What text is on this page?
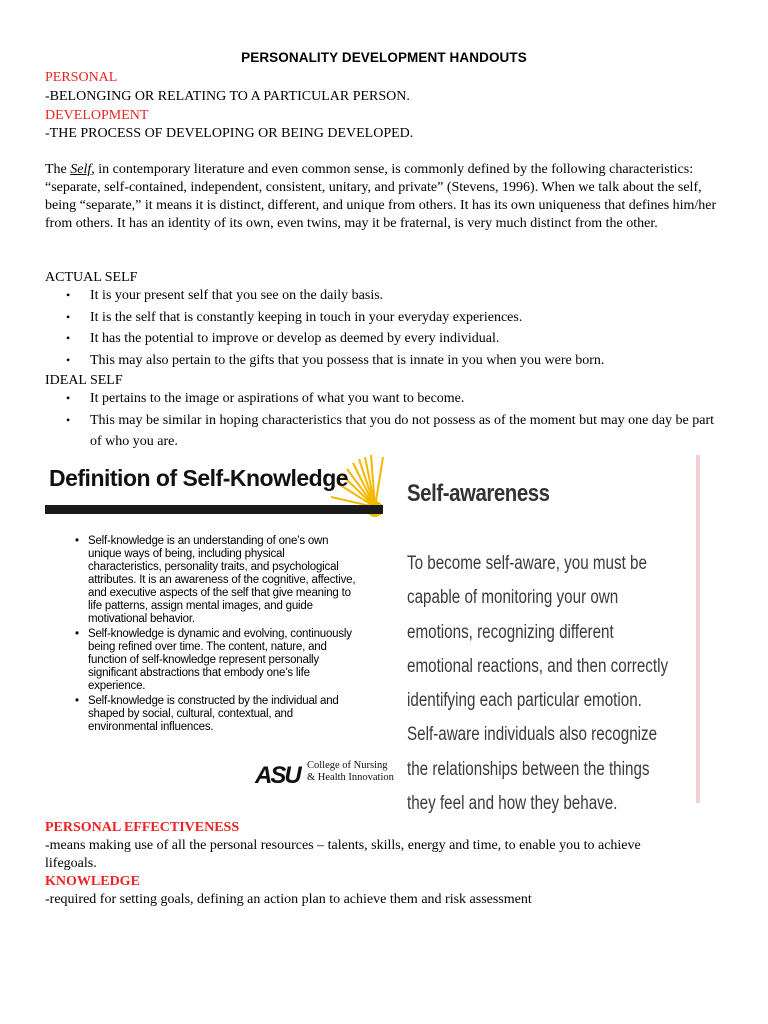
PERSONALITY DEVELOPMENT HANDOUTS
PERSONAL
-BELONGING OR RELATING TO A PARTICULAR PERSON.
DEVELOPMENT
-THE PROCESS OF DEVELOPING OR BEING DEVELOPED.

The Self, in contemporary literature and even common sense, is commonly defined by the following characteristics: “separate, self-contained, independent, consistent, unitary, and private” (Stevens, 1996). When we talk about the self, being “separate,” it means it is distinct, different, and unique from others. It has its own uniqueness that defines him/her from others. It has an identity of its own, even twins, may it be fraternal, is very much distinct from the other.

ACTUAL SELF
• It is your present self that you see on the daily basis.
• It is the self that is constantly keeping in touch in your everyday experiences.
• It has the potential to improve or develop as deemed by every individual.
• This may also pertain to the gifts that you possess that is innate in you when you were born.
IDEAL SELF
• It pertains to the image or aspirations of what you want to become.
• This may be similar in hoping characteristics that you do not possess as of the moment but may one day be part of who you are.
Definition of Self-Knowledge
• Self-knowledge is an understanding of one’s own unique ways of being, including physical characteristics, personality traits, and psychological attributes. It is an awareness of the cognitive, affective, and executive aspects of the self that give meaning to life patterns, assign mental images, and guide motivational behavior.
• Self-knowledge is dynamic and evolving, continuously being refined over time. The content, nature, and function of self-knowledge represent personally significant abstractions that embody one’s life experience.
• Self-knowledge is constructed by the individual and shaped by social, cultural, contextual, and environmental influences.
ASU College of Nursing
& Health Innovation
Self-awareness
To become self-aware, you must be capable of monitoring your own emotions, recognizing different emotional reactions, and then correctly identifying each particular emotion. Self-aware individuals also recognize the relationships between the things they feel and how they behave.
PERSONAL EFFECTIVENESS
-means making use of all the personal resources – talents, skills, energy and time, to enable you to achieve
lifegoals.
KNOWLEDGE
-required for setting goals, defining an action plan to achieve them and risk assessment
